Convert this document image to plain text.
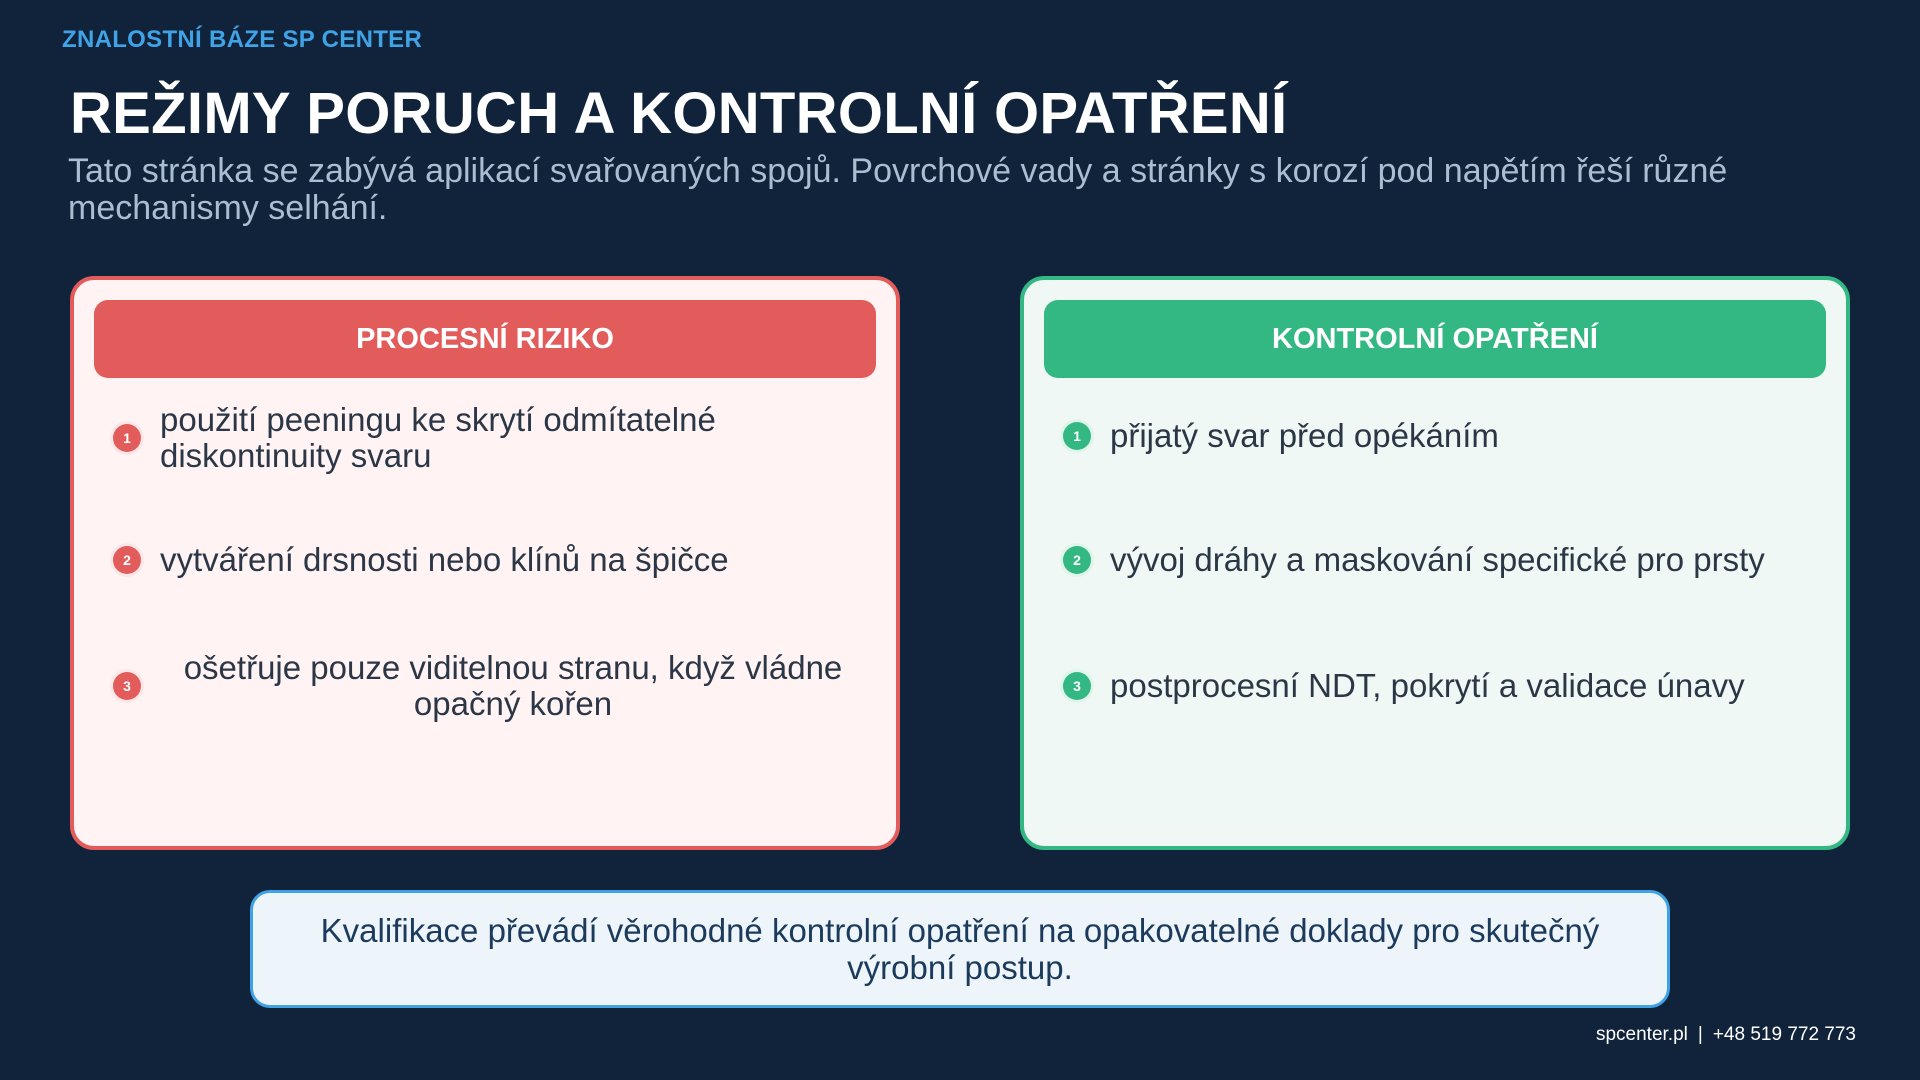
ZNALOSTNÍ BÁZE SP CENTER
REŽIMY PORUCH A KONTROLNÍ OPATŘENÍ
Tato stránka se zabývá aplikací svařovaných spojů. Povrchové vady a stránky s korozí pod napětím řeší různé mechanismy selhání.
PROCESNÍ RIZIKO
1 použití peeningu ke skrytí odmítatelné diskontinuity svaru
2 vytváření drsnosti nebo klínů na špičce
3	ošetřuje pouze viditelnou stranu, když vládne opačný kořen
KONTROLNÍ OPATŘENÍ
1 přijatý svar před opékáním
2 vývoj dráhy a maskování specifické pro prsty
3 postprocesní NDT, pokrytí a validace únavy
Kvalifikace převádí věrohodné kontrolní opatření na opakovatelné doklady pro skutečný výrobní postup.
spcenter.pl | +48 519 772 773
